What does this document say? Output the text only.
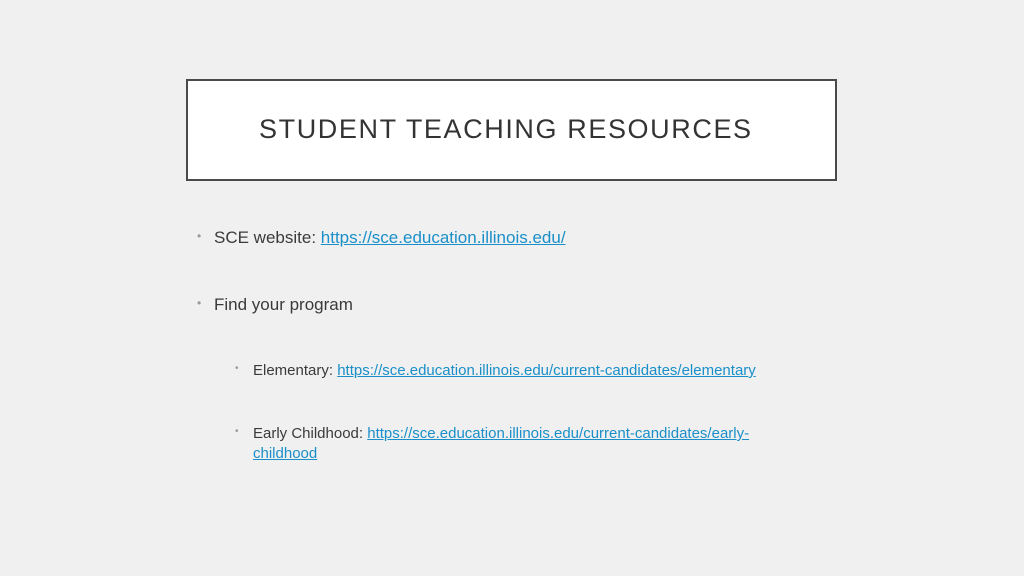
STUDENT TEACHING RESOURCES
• SCE website: https://sce.education.illinois.edu/
• Find your program
• Elementary: https://sce.education.illinois.edu/current-candidates/elementary
• Early Childhood: https://sce.education.illinois.edu/current-candidates/early-
childhood
